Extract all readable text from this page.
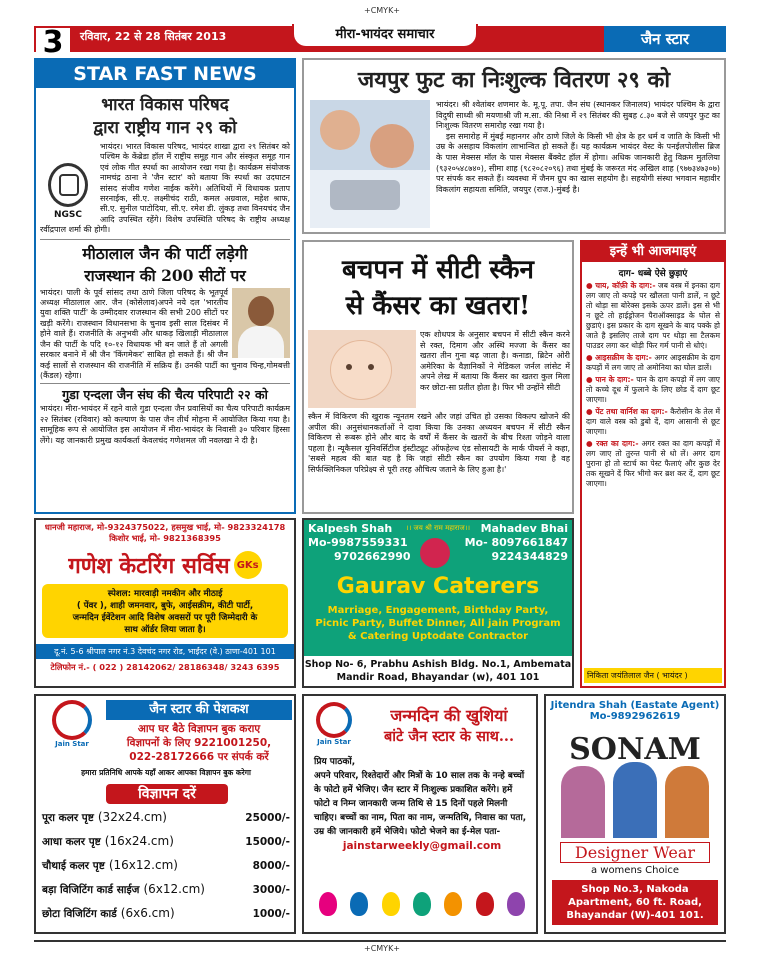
+CMYK+
+CMYK+
3	रविवार, 22 से 28 सितंबर 2013	मीरा-भायंदर समाचार	जैन स्टार
STAR FAST NEWS
भारत विकास परिषद
द्वारा राष्ट्रीय गान २९ को
NGSC
भायंदर। भारत विकास परिषद, भायंदर शाखा द्वारा २९ सितंबर को पश्चिम के केंब्रेडा हॉल में राष्ट्रीय समूह गान और संस्कृत समूह गान एवं लोक गीत स्पर्धा का आयोजन रखा गया है। कार्यक्रम संयोजक नामचंद्र ठाना ने 'जैन स्टार' को बताया कि स्पर्धा का उदघाटन सांसद संजीव गणेश नाईक करेंगे। अतिथियों में विधायक प्रताप सरनाईक, सी.ए. लक्ष्मीचंद राठी, कमल अग्रवाल, महेश श्राफ, सी.ए. सुनील पाटोदिया, सी.ए. रमेश डी. लुंकड़ तथा विनयचंद जैन आदि उपस्थित रहेंगे। विशेष उपस्थिति परिषद के राष्ट्रीय अध्यक्ष रवींद्रपाल शर्मा की होगी।
मीठालाल जैन की पार्टी लड़ेगी
राजस्थान की 200 सीटों पर
भायंदर। पाली के पूर्व सांसद तथा ठाणे जिला परिषद के भूतपूर्व अध्यक्ष मीठालाल आर. जैन (कोसेलाव)अपने नये दल 'भारतीय युवा शक्ति पार्टी' के उम्मीदवार राजस्थान की सभी 200 सीटों पर खड़ी करेंगे। राजस्थान विधानसभा के चुनाव इसी साल दिसंबर में होने वाले हैं। राजनीति के अनुभवी और धाकड़ खिलाड़ी मीठालाल जैन की पार्टी के पदि १०-१२ विधायक भी बन जाते हैं तो अगली सरकार बनाने में श्री जैन 'किंगमेकर' साबित हो सकते हैं। श्री जैन कई सालों से राजस्थान की राजनीति में सक्रिय हैं। उनकी पार्टी का चुनाव चिन्ह,गोमबत्ती (कैंडल) रहेगा।
गुडा एन्दला जैन संघ की चैत्य परिपाटी २२ को
भायंदर। मीरा-भायंदर में रहने वाले गुडा एन्दला जैन प्रवासियों का चैत्य परिपाटी कार्यक्रम २२ सितंबर (रविवार) को कल्याण के पास जैन तीर्थ मोहना में आयोजित किया गया है। सामूहिक रूप से आयोजित इस आयोजन में मीरा-भायंदर के निवासी ३० परिवार हिस्सा लेंगे। यह जानकारी प्रमुख कार्यकर्ता केवलचंद गणेशमल जी नवलखा ने दी है।
जयपुर फुट का निःशुल्क वितरण २९ को
भायंदर। श्री श्वेतांबर शणमार के. मू.पू. तपा. जैन संघ (स्थानकर जिनालय) भायंदर पश्चिम के द्वारा विदुषी साध्वी श्री मयणाश्री जी म.सा. की निश्रा में २९ सितंबर की सुबह ८.३० बजे से जयपुर फुट का निःशुल्क वितरण समारोह रखा गया है।
इस समारोह में मुंबई महानगर और ठाणे जिले के किसी भी क्षेत्र के हर धर्म व जाति के किसी भी उम्र के असहाय विकलांग लाभान्वित हो सकते हैं। यह कार्यक्रम भायंदर वेस्ट के पनईलपोलीस ब्रिज के पास मेक्सस मॉल के पास मेक्सस बैंक्वेट हॉल में होगा। अधिक जानकारी हेतु विक्रम मुतलिया (९३२०५४८७४०), सीमा शाह (९८२०८२०९६) तथा मुंबई के जरूरत मंद अखिल शाह (९७७३४७३०७) पर संपर्क कर सकते हैं। व्यवस्था में जैनम ग्रुप का खास सहयोग है। सहयोगी संस्था भगवान महावीर विकलांग सहायता समिति, जयपुर (राज.)-मुंबई है।
बचपन में सीटी स्कैन
से कैंसर का खतरा!
एक शोधपत्र के अनुसार बचपन में सीटी स्कैन करने से रक्त, दिमाग और अस्थि मज्जा के कैंसर का खतरा तीन गुना बढ़ जाता है। कनाडा, ब्रिटेन ओरी अमेरिका के वैज्ञानिकों ने मेडिकल जर्नल लांसेट में अपने लेख में बताया कि कैंसर का खतरा कुल मिला कर छोटा-सा प्रतीत होता है। फिर भी उन्होंने सीटी
स्कैन में विकिरण की खुराक न्यूनतम रखने और जहां उचित हो उसका विकल्प खोजने की अपील की। अनुसंधानकर्ताओं ने दावा किया कि उनका अध्ययन बचपन में सीटी स्कैन विकिरण से रूबरू होने और बाद के वर्षों में कैंसर के खतरों के बीच रिश्ता जोड़ने वाला पहला है। न्यूकैसल यूनिवर्सिटीज इंस्टीट्यूट ऑफहेल्थ एंड सोसायटी के मार्क पीयर्स ने कहा, 'सबसे महत्व की बात यह है कि जहां सीटी स्कैन का उपयोग किया गया है वह सिर्फक्लिनिकल परिप्रेक्ष्य से पूरी तरह औचित्य जताने के लिए हुआ है।'
इन्हें भी आजमाइएं
दाग- धब्बे ऐसे छुड़ाएं
● चाय, कॉफ़ी के दाग:- जब वस्त्र में इनका दाग लग जाए तो कपड़े पर खौलता पानी डालें, न छूटे तो थोड़ा सा बोरेक्स इसके ऊपर डालें। इस से भी न छूटे तो हाईड्रोजन पैराऑक्साइड के घोल से छुडाएं। इस प्रकार के दाग सूखने के बाद पक्के हो जाते है इसलिए ताजे दाग पर थोड़ा सा टैलकम पाउडर लगा कर थोड़ी फिर गर्म पानी से धोएं।
● आइसक्रीम के दाग:- अगर आइसक्रीम के दाग कपड़ों में लग जाए तो अमोनिया का घोल डालें।
● पान के दाग:- पान के दाग कपड़ो में लग जाए तो कच्चे दूध में फुलाने के लिए छोड दें दाग छूट जाएगा।
● पेंट तथा वार्निश का दाग:- कैरोसीन के तेल में दाग वाले वस्त्र को डुबो दें, दाग आसानी से छूट जाएगा।
● रक्त का दाग:- अगर रक्त का दाग कपड़ों में लग जाए तो तुरन्त पानी से धो लें। अगर दाग पुराना हो तो स्टार्च का पेस्ट फैलाएं और कुछ देर तक सूखने दें फिर भीगो कर ब्रश कर दें, दाग छूट जाएगा।
निकिता जयंतिलाल जैन ( भायंदर )
धानजी महाराज, मो-9324375022, हसमुख भाई, मो- 9823324178
किशोर भाई, मो- 9821368395
गणेश केटरिंग सर्विस GKs
स्पेशल: मारवाड़ी नमकीन और मीठाई
( पेंवर ), शाही जमनवार, बुफे, आईसक्रीम, कीटी पार्टी,
जन्मदिन ईवेंटेशन आदि विशेष अवसरों पर पूरी जिम्मेदारी के
साथ ऑर्डर लिया जाता है।
दू.नं. 5-6 श्रीपाल नगर नं.3 देवचंद नगर रोड, भाईंदर (वे.) ठाणा-401 101
टेलिफोन नं.- ( 022 ) 28142062/ 28186348/ 3243 6395
Kalpesh Shah
Mo-9987559331
9702662990
।। जय श्री राम महाराज।। Mahadev Bhai
Mo- 8097661847
9224344829
Gaurav Caterers
Marriage, Engagement, Birthday Party,
Picnic Party, Buffet Dinner, All jain Program
& Catering Uptodate Contractor
Shop No- 6, Prabhu Ashish Bldg. No.1, Ambemata
Mandir Road, Bhayandar (w), 401 101
Jain Star
जैन स्टार की पेशकश
आप घर बैठे विज्ञापन बुक कराए
विज्ञापनों के लिए 9221001250,
022-28172666 पर संपर्क करें
हमारा प्रतिनिधि आपके यहाँ आकर आपका विज्ञापन बुक करेगा
विज्ञापन दरें
पूरा कलर पृष्ट (32x24.cm)	25000/-
आधा कलर पृष्ट (16x24.cm)	15000/-
चौथाई कलर पृष्ट (16x12.cm)	8000/-
बड़ा विजिटिंग कार्ड साईज (6x12.cm)	3000/-
छोटा विजिटिंग कार्ड (6x6.cm)	1000/-
Jain Star
जन्मदिन की खुशियां
बांटे जैन स्टार के साथ...
प्रिय पाठकों,
अपने परिवार, रिश्तेदारों और मित्रों के 10 साल तक के नन्हे बच्चों के फोटो हमें भेजिए। जैन स्टार में निःशुल्क प्रकाशित करेंगे। हमें फोटो व निम्न जानकारी जन्म तिथि से 15 दिनों पहले मिलनी चाहिए। बच्चों का नाम, पिता का नाम, जन्मतिथि, निवास का पता, उम्र की जानकारी हमें भेजिये। फोटो भेजने का ई-मेल पता-
jainstarweekly@gmail.com
Jitendra Shah (Eastate Agent)
Mo-9892962619
SONAM
Designer Wear
a womens Choice
Shop No.3, Nakoda
Apartment, 60 ft. Road,
Bhayandar (W)-401 101.
